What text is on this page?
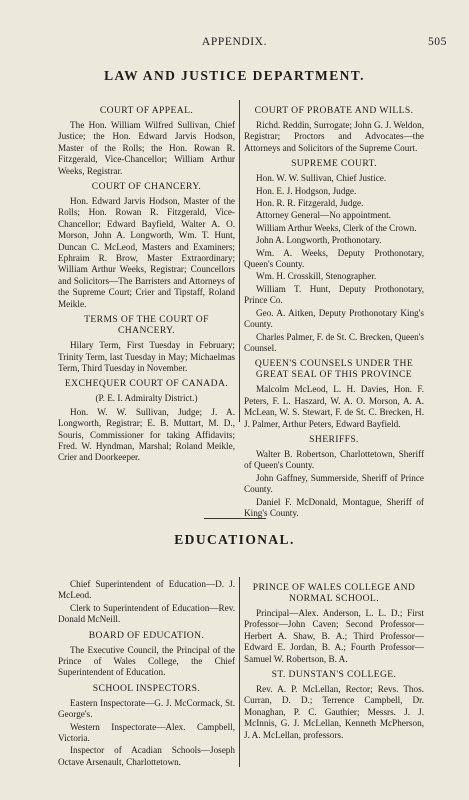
APPENDIX.	505
LAW AND JUSTICE DEPARTMENT.
COURT OF APPEAL.
The Hon. William Wilfred Sullivan, Chief Justice; the Hon. Edward Jarvis Hodson, Master of the Rolls; the Hon. Rowan R. Fitzgerald, Vice-Chancellor; William Arthur Weeks, Registrar.
COURT OF CHANCERY.
Hon. Edward Jarvis Hodson, Master of the Rolls; Hon. Rowan R. Fitzgerald, Vice-Chancellor; Edward Bayfield, Walter A. O. Morson, John A. Longworth, Wm. T. Hunt, Duncan C. McLeod, Masters and Examiners; Ephraim R. Brow, Master Extraordinary; William Arthur Weeks, Registrar; Councellors and Solicitors—The Barristers and Attorneys of the Supreme Court; Crier and Tipstaff, Roland Meikle.
TERMS OF THE COURT OF CHANCERY.
Hilary Term, First Tuesday in February; Trinity Term, last Tuesday in May; Michaelmas Term, Third Tuesday in November.
EXCHEQUER COURT OF CANADA.
(P. E. I. Admiralty District.)
Hon. W. W. Sullivan, Judge; J. A. Longworth, Registrar; E. B. Muttart, M. D., Souris, Commissioner for taking Affidavits; Fred. W. Hyndman, Marshal; Roland Meikle, Crier and Doorkeeper.
COURT OF PROBATE AND WILLS.
Richd. Reddin, Surrogate; John G. J. Weldon, Registrar; Proctors and Advocates—the Attorneys and Solicitors of the Supreme Court.
SUPREME COURT.
Hon. W. W. Sullivan, Chief Justice.
Hon. E. J. Hodgson, Judge.
Hon. R. R. Fitzgerald, Judge.
Attorney General—No appointment.
William Arthur Weeks, Clerk of the Crown.
John A. Longworth, Prothonotary.
Wm. A. Weeks, Deputy Prothonotary, Queen's County.
Wm. H. Crosskill, Stenographer.
William T. Hunt, Deputy Prothonotary, Prince Co.
Geo. A. Aitken, Deputy Prothonotary King's County.
Charles Palmer, F. de St. C. Brecken, Queen's Counsel.
QUEEN'S COUNSELS UNDER THE GREAT SEAL OF THIS PROVINCE
Malcolm McLeod, L. H. Davies, Hon. F. Peters, F. L. Haszard, W. A. O. Morson, A. A. McLean, W. S. Stewart, F. de St. C. Brecken, H. J. Palmer, Arthur Peters, Edward Bayfield.
SHERIFFS.
Walter B. Robertson, Charlottetown, Sheriff of Queen's County.
John Gaffney, Summerside, Sheriff of Prince County.
Daniel F. McDonald, Montague, Sheriff of King's County.
EDUCATIONAL.
Chief Superintendent of Education—D. J. McLeod.
Clerk to Superintendent of Education—Rev. Donald McNeill.
BOARD OF EDUCATION.
The Executive Council, the Principal of the Prince of Wales College, the Chief Superintendent of Education.
SCHOOL INSPECTORS.
Eastern Inspectorate—G. J. McCormack, St. George's.
Western Inspectorate—Alex. Campbell, Victoria.
Inspector of Acadian Schools—Joseph Octave Arsenault, Charlottetown.
PRINCE OF WALES COLLEGE AND NORMAL SCHOOL.
Principal—Alex. Anderson, L. L. D.; First Professor—John Caven; Second Professor—Herbert A. Shaw, B. A.; Third Professor—Edward E. Jordan, B. A.; Fourth Professor—Samuel W. Robertson, B. A.
ST. DUNSTAN'S COLLEGE.
Rev. A. P. McLellan, Rector; Revs. Thos. Curran, D. D.; Terrence Campbell, Dr. Monaghan, P. C. Gauthier; Messrs. J. J. McInnis, G. J. McLellan, Kenneth McPherson, J. A. McLellan, professors.
